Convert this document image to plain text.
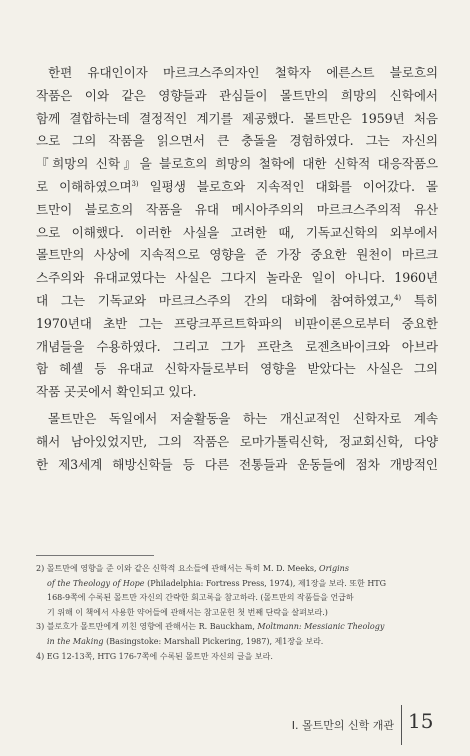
한편 유대인이자 마르크스주의자인 철학자 에른스트 블로흐의
작품은 이와 같은 영향들과 관심들이 몰트만의 희망의 신학에서
함께 결합하는데 결정적인 계기를 제공했다. 몰트만은 1959년 처음
으로 그의 작품을 읽으면서 큰 충돌을 경험하였다. 그는 자신의
『희망의 신학』을 블로흐의 희망의 철학에 대한 신학적 대응작품으
로 이해하였으며$^{3)}$ 일평생 블로흐와 지속적인 대화를 이어갔다. 몰
트만이 블로흐의 작품을 유대 메시아주의의 마르크스주의적 유산
으로 이해했다. 이러한 사실을 고려한 때, 기독교신학의 외부에서
몰트만의 사상에 지속적으로 영향을 준 가장 중요한 원천이 마르크
스주의와 유대교였다는 사실은 그다지 놀라운 일이 아니다. 1960년
대 그는 기독교와 마르크스주의 간의 대화에 참여하였고,$^{4)}$ 특히
1970년대 초반 그는 프랑크푸르트학파의 비판이론으로부터 중요한
개념들을 수용하였다. 그리고 그가 프란츠 로젠츠바이크와 아브라
함 헤셸 등 유대교 신학자들로부터 영향을 받았다는 사실은 그의
작품 곳곳에서 확인되고 있다.
몰트만은 독일에서 저술활동을 하는 개신교적인 신학자로 계속
해서 남아있었지만, 그의 작품은 로마가톨릭신학, 정교회신학, 다양
한 제3세계 해방신학들 등 다른 전통들과 운동들에 점차 개방적인
2) 몰트만에 영향을 준 이와 같은 신학적 요소들에 관해서는 특히 M. D. Meeks, Origins
of the Theology of Hope (Philadelphia: Fortress Press, 1974), 제1장을 보라. 또한 HTG
168-9쪽에 수록된 몰트만 자신의 간략한 회고록을 참고하라. (몰트만의 작품들을 언급하
기 위해 이 책에서 사용한 약어들에 관해서는 참고문헌 첫 번째 단락을 살펴보라.)
3) 블로흐가 몰트만에게 끼친 영향에 관해서는 R. Bauckham, Moltmann: Messianic Theology
in the Making (Basingstoke: Marshall Pickering, 1987), 제1장을 보라.
4) EG 12-13쪽, HTG 176-7쪽에 수록된 몰트만 자신의 글을 보라.
I. 몰트만의 신학 개관 15
